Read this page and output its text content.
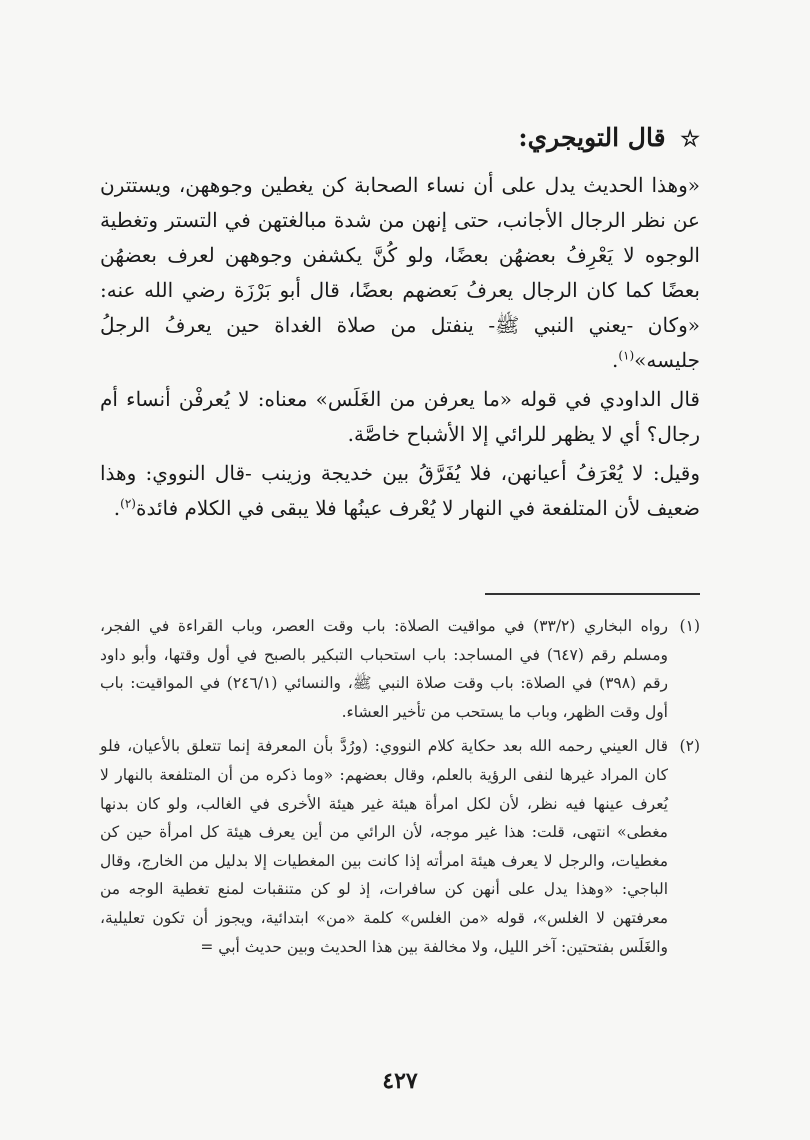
☆ قال التويجري:

«وهذا الحديث يدل على أن نساء الصحابة كن يغطين وجوههن، ويستترن عن نظر الرجال الأجانب، حتى إنهن من شدة مبالغتهن في التستر وتغطية الوجوه لا يَعْرِفُ بعضهُن بعضًا، ولو كُنَّ يكشفن وجوههن لعرف بعضهُن بعضًا كما كان الرجال يعرفُ بَعضهم بعضًا، قال أبو بَرْزَة رضي الله عنه: «وكان -يعني النبي ﷺ- ينفتل من صلاة الغداة حين يعرفُ الرجلُ جليسه»$^{(١)}$.

قال الداودي في قوله «ما يعرفن من الغَلَس» معناه: لا يُعرفْن أنساء أم رجال؟ أي لا يظهر للرائي إلا الأشباح خاصَّة.

وقيل: لا يُعْرَفُ أعيانهن، فلا يُفَرَّقُ بين خديجة وزينب -قال النووي: وهذا ضعيف لأن المتلفعة في النهار لا يُعْرف عينُها فلا يبقى في الكلام فائدة$^{(٢)}$.

(١)
رواه البخاري (٣٣/٢) في مواقيت الصلاة: باب وقت العصر، وباب القراءة في الفجر، ومسلم رقم (٦٤٧) في المساجد: باب استحباب التبكير بالصبح في أول وقتها، وأبو داود رقم (٣٩٨) في الصلاة: باب وقت صلاة النبي ﷺ، والنسائي (٢٤٦/١) في المواقيت: باب أول وقت الظهر، وباب ما يستحب من تأخير العشاء.
(٢)
قال العيني رحمه الله بعد حكاية كلام النووي: (ورُدَّ بأن المعرفة إنما تتعلق بالأعيان، فلو كان المراد غيرها لنفى الرؤية بالعلم، وقال بعضهم: «وما ذكره من أن المتلفعة بالنهار لا يُعرف عينها فيه نظر، لأن لكل امرأة هيئة غير هيئة الأخرى في الغالب، ولو كان بدنها مغطى» انتهى، قلت: هذا غير موجه، لأن الرائي من أين يعرف هيئة كل امرأة حين كن مغطيات، والرجل لا يعرف هيئة امرأته إذا كانت بين المغطيات إلا بدليل من الخارج، وقال الباجي: «وهذا يدل على أنهن كن سافرات، إذ لو كن متنقبات لمنع تغطية الوجه من معرفتهن لا الغلس»، قوله «من الغلس» كلمة «من» ابتدائية، ويجوز أن تكون تعليلية، والغَلَس بفتحتين: آخر الليل، ولا مخالفة بين هذا الحديث وبين حديث أبي =
٤٢٧
